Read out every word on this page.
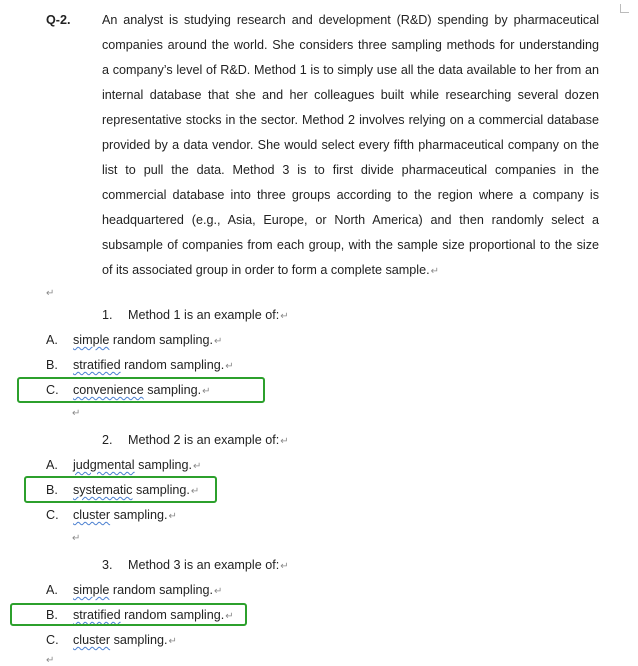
Q-2.	An analyst is studying research and development (R&D) spending by pharmaceutical
companies around the world. She considers three sampling methods for understanding
a company’s level of R&D. Method 1 is to simply use all the data available to her from an
internal database that she and her colleagues built while researching several dozen
representative stocks in the sector. Method 2 involves relying on a commercial database
provided by a data vendor. She would select every fifth pharmaceutical company on the
list to pull the data. Method 3 is to first divide pharmaceutical companies in the
commercial database into three groups according to the region where a company is
headquartered (e.g., Asia, Europe, or North America) and then randomly select a
subsample of companies from each group, with the sample size proportional to the size
of its associated group in order to form a complete sample.↵
↵
1. Method 1 is an example of:↵
A. simple random sampling.↵
B. stratified random sampling.↵
C. convenience sampling.↵
↵
2. Method 2 is an example of:↵
A. judgmental sampling.↵
B. systematic sampling.↵
C. cluster sampling.↵
↵
3. Method 3 is an example of:↵
A. simple random sampling.↵
B. stratified random sampling.↵
C. cluster sampling.↵
↵
